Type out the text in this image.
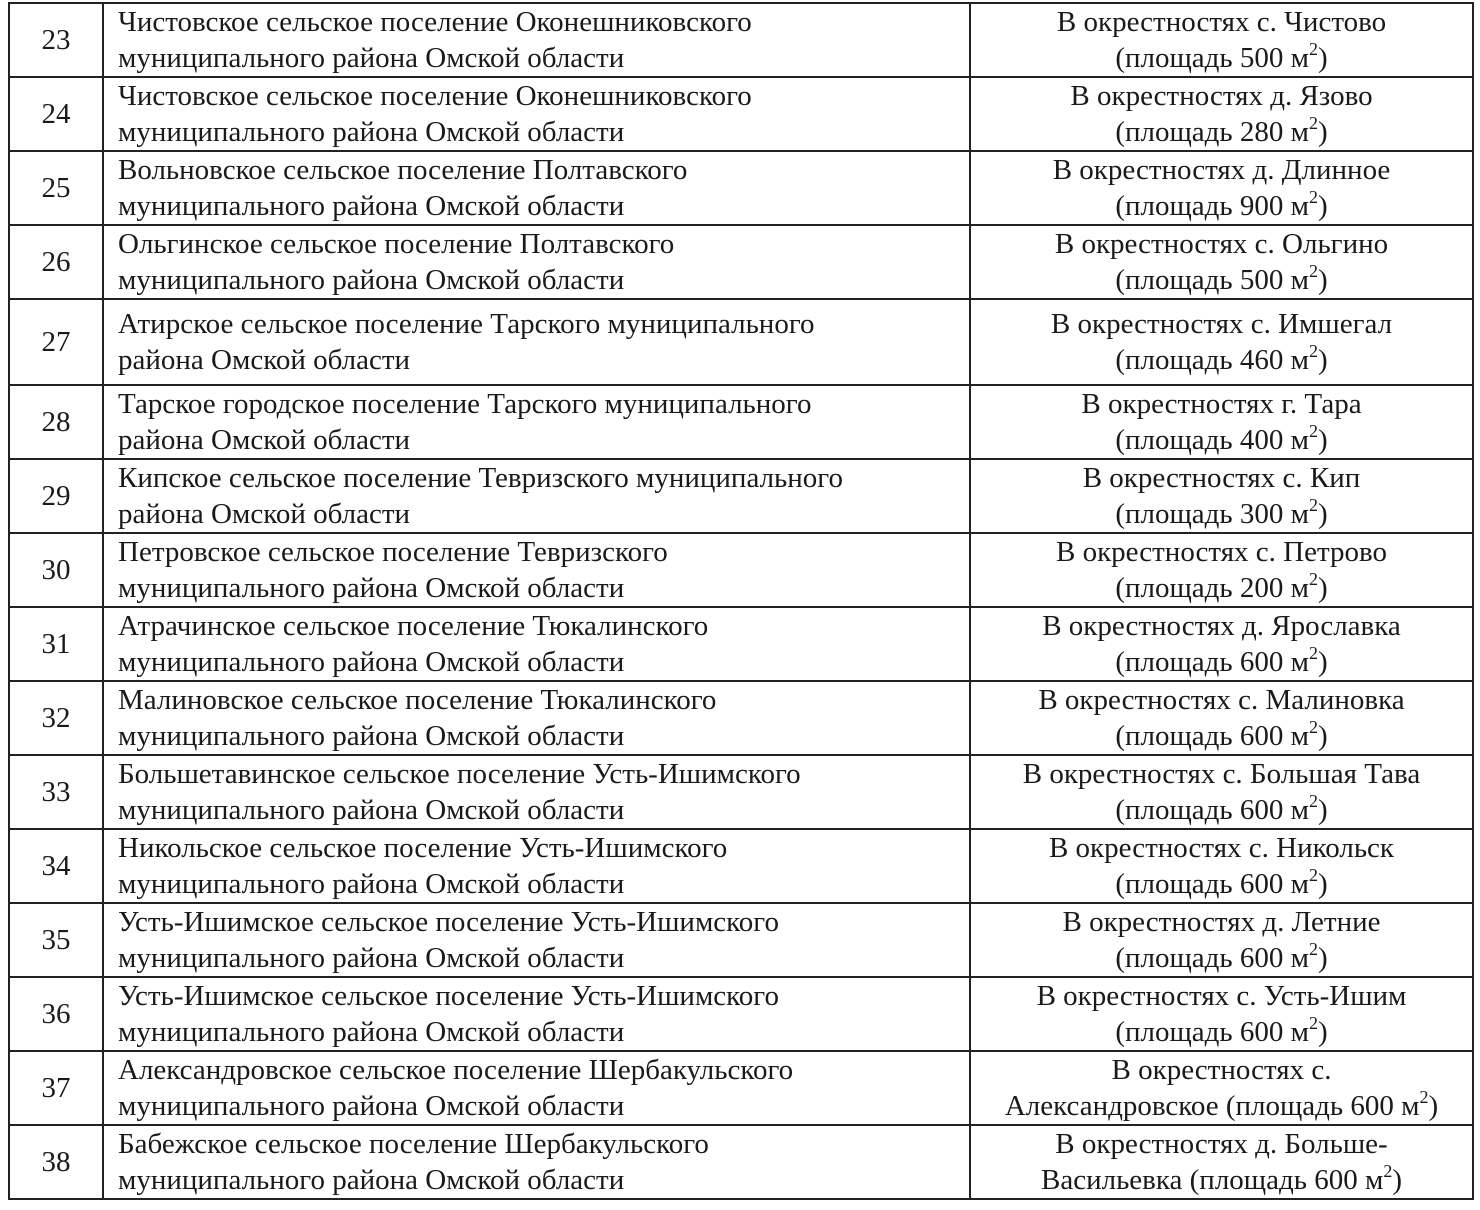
23	Чистовское сельское поселение Оконешниковского
муниципального района Омской области	В окрестностях с. Чистово
(площадь 500 $м^2$)

24	Чистовское сельское поселение Оконешниковского
муниципального района Омской области	В окрестностях д. Язово
(площадь 280 $м^2$)

25	Вольновское сельское поселение Полтавского
муниципального района Омской области	В окрестностях д. Длинное
(площадь 900 $м^2$)

26	Ольгинское сельское поселение Полтавского
муниципального района Омской области	В окрестностях с. Ольгино
(площадь 500 $м^2$)

27	Атирское сельское поселение Тарского муниципального
района Омской области	В окрестностях с. Имшегал
(площадь 460 $м^2$)

28	Тарское городское поселение Тарского муниципального
района Омской области	В окрестностях г. Тара
(площадь 400 $м^2$)

29	Кипское сельское поселение Тевризского муниципального
района Омской области	В окрестностях с. Кип
(площадь 300 $м^2$)

30	Петровское сельское поселение Тевризского
муниципального района Омской области	В окрестностях с. Петрово
(площадь 200 $м^2$)

31	Атрачинское сельское поселение Тюкалинского
муниципального района Омской области	В окрестностях д. Ярославка
(площадь 600 $м^2$)

32	Малиновское сельское поселение Тюкалинского
муниципального района Омской области	В окрестностях с. Малиновка
(площадь 600 $м^2$)

33	Большетавинское сельское поселение Усть-Ишимского
муниципального района Омской области	В окрестностях с. Большая Тава
(площадь 600 $м^2$)

34	Никольское сельское поселение Усть-Ишимского
муниципального района Омской области	В окрестностях с. Никольск
(площадь 600 $м^2$)

35	Усть-Ишимское сельское поселение Усть-Ишимского
муниципального района Омской области	В окрестностях д. Летние
(площадь 600 $м^2$)

36	Усть-Ишимское сельское поселение Усть-Ишимского
муниципального района Омской области	В окрестностях с. Усть-Ишим
(площадь 600 $м^2$)

37	Александровское сельское поселение Шербакульского
муниципального района Омской области	В окрестностях с.
Александровское (площадь 600 $м^2$)

38	Бабежское сельское поселение Шербакульского
муниципального района Омской области	В окрестностях д. Больше-
Васильевка (площадь 600 $м^2$)
